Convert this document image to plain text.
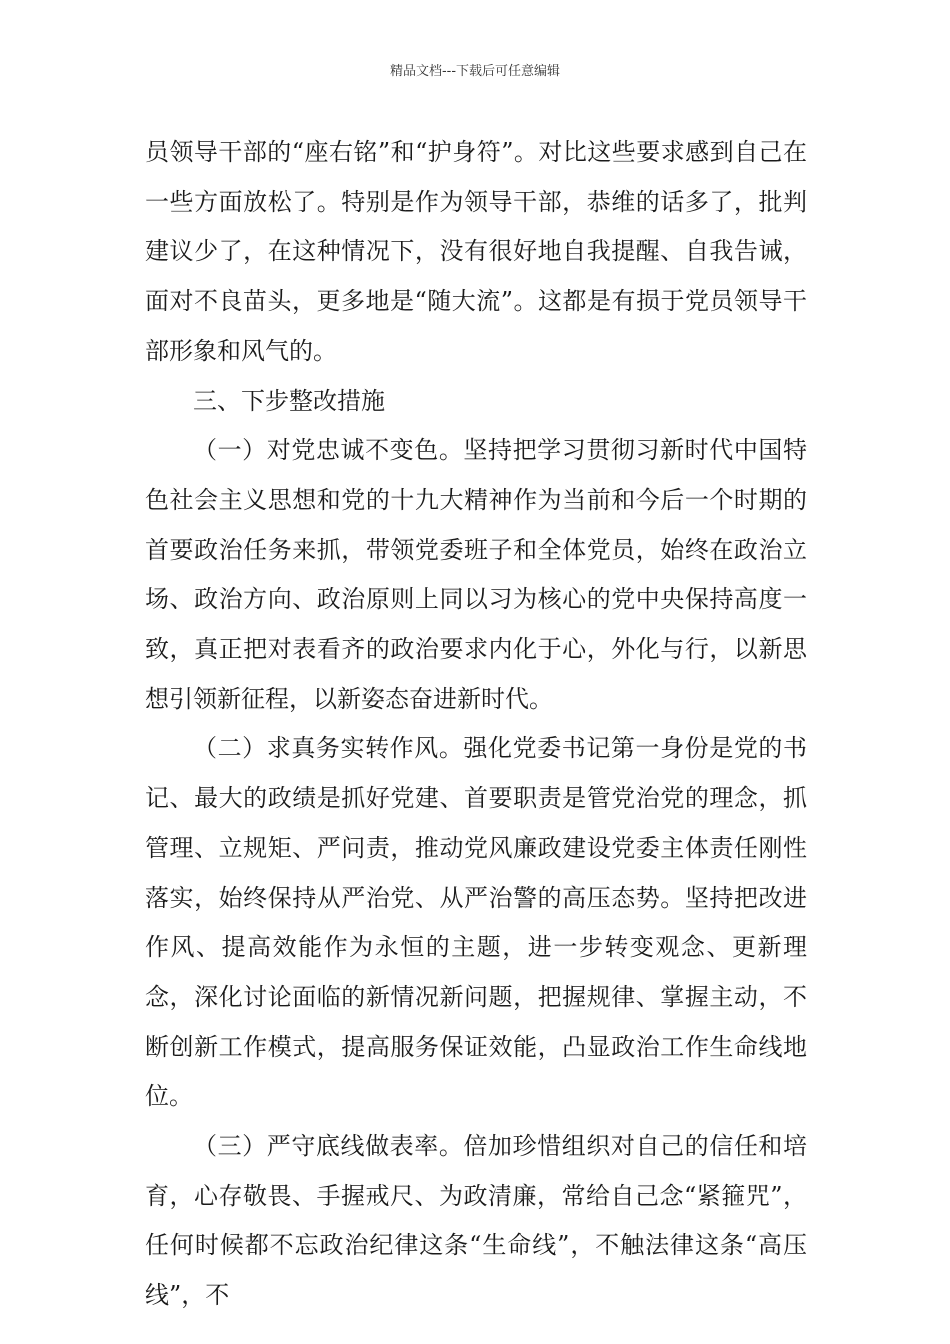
精品文档---下载后可任意编辑

员领导干部的“座右铭”和“护身符”。对比这些要求感到自己在一些方面放松了。特别是作为领导干部，恭维的话多了，批判建议少了，在这种情况下，没有很好地自我提醒、自我告诫，面对不良苗头，更多地是“随大流”。这都是有损于党员领导干部形象和风气的。

三、下步整改措施

（一）对党忠诚不变色。坚持把学习贯彻习新时代中国特色社会主义思想和党的十九大精神作为当前和今后一个时期的首要政治任务来抓，带领党委班子和全体党员，始终在政治立场、政治方向、政治原则上同以习为核心的党中央保持高度一致，真正把对表看齐的政治要求内化于心，外化与行，以新思想引领新征程，以新姿态奋进新时代。

（二）求真务实转作风。强化党委书记第一身份是党的书记、最大的政绩是抓好党建、首要职责是管党治党的理念，抓管理、立规矩、严问责，推动党风廉政建设党委主体责任刚性落实，始终保持从严治党、从严治警的高压态势。坚持把改进作风、提高效能作为永恒的主题，进一步转变观念、更新理念，深化讨论面临的新情况新问题，把握规律、掌握主动，不断创新工作模式，提高服务保证效能，凸显政治工作生命线地位。

（三）严守底线做表率。倍加珍惜组织对自己的信任和培育，心存敬畏、手握戒尺、为政清廉，常给自己念“紧箍咒”，任何时候都不忘政治纪律这条“生命线”，不触法律这条“高压线”，不
